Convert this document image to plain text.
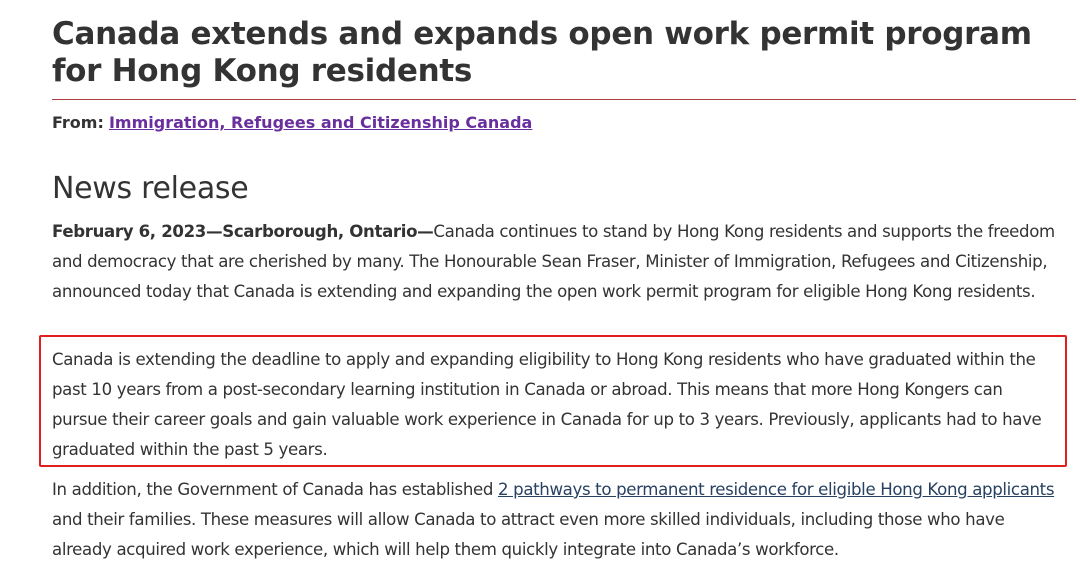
Canada extends and expands open work permit program for Hong Kong residents
From: Immigration, Refugees and Citizenship Canada
News release

February 6, 2023—Scarborough, Ontario—Canada continues to stand by Hong Kong residents and supports the freedom and democracy that are cherished by many. The Honourable Sean Fraser, Minister of Immigration, Refugees and Citizenship, announced today that Canada is extending and expanding the open work permit program for eligible Hong Kong residents.

Canada is extending the deadline to apply and expanding eligibility to Hong Kong residents who have graduated within the past 10 years from a post-secondary learning institution in Canada or abroad. This means that more Hong Kongers can pursue their career goals and gain valuable work experience in Canada for up to 3 years. Previously, applicants had to have graduated within the past 5 years.

In addition, the Government of Canada has established 2 pathways to permanent residence for eligible Hong Kong applicants and their families. These measures will allow Canada to attract even more skilled individuals, including those who have already acquired work experience, which will help them quickly integrate into Canada’s workforce.
